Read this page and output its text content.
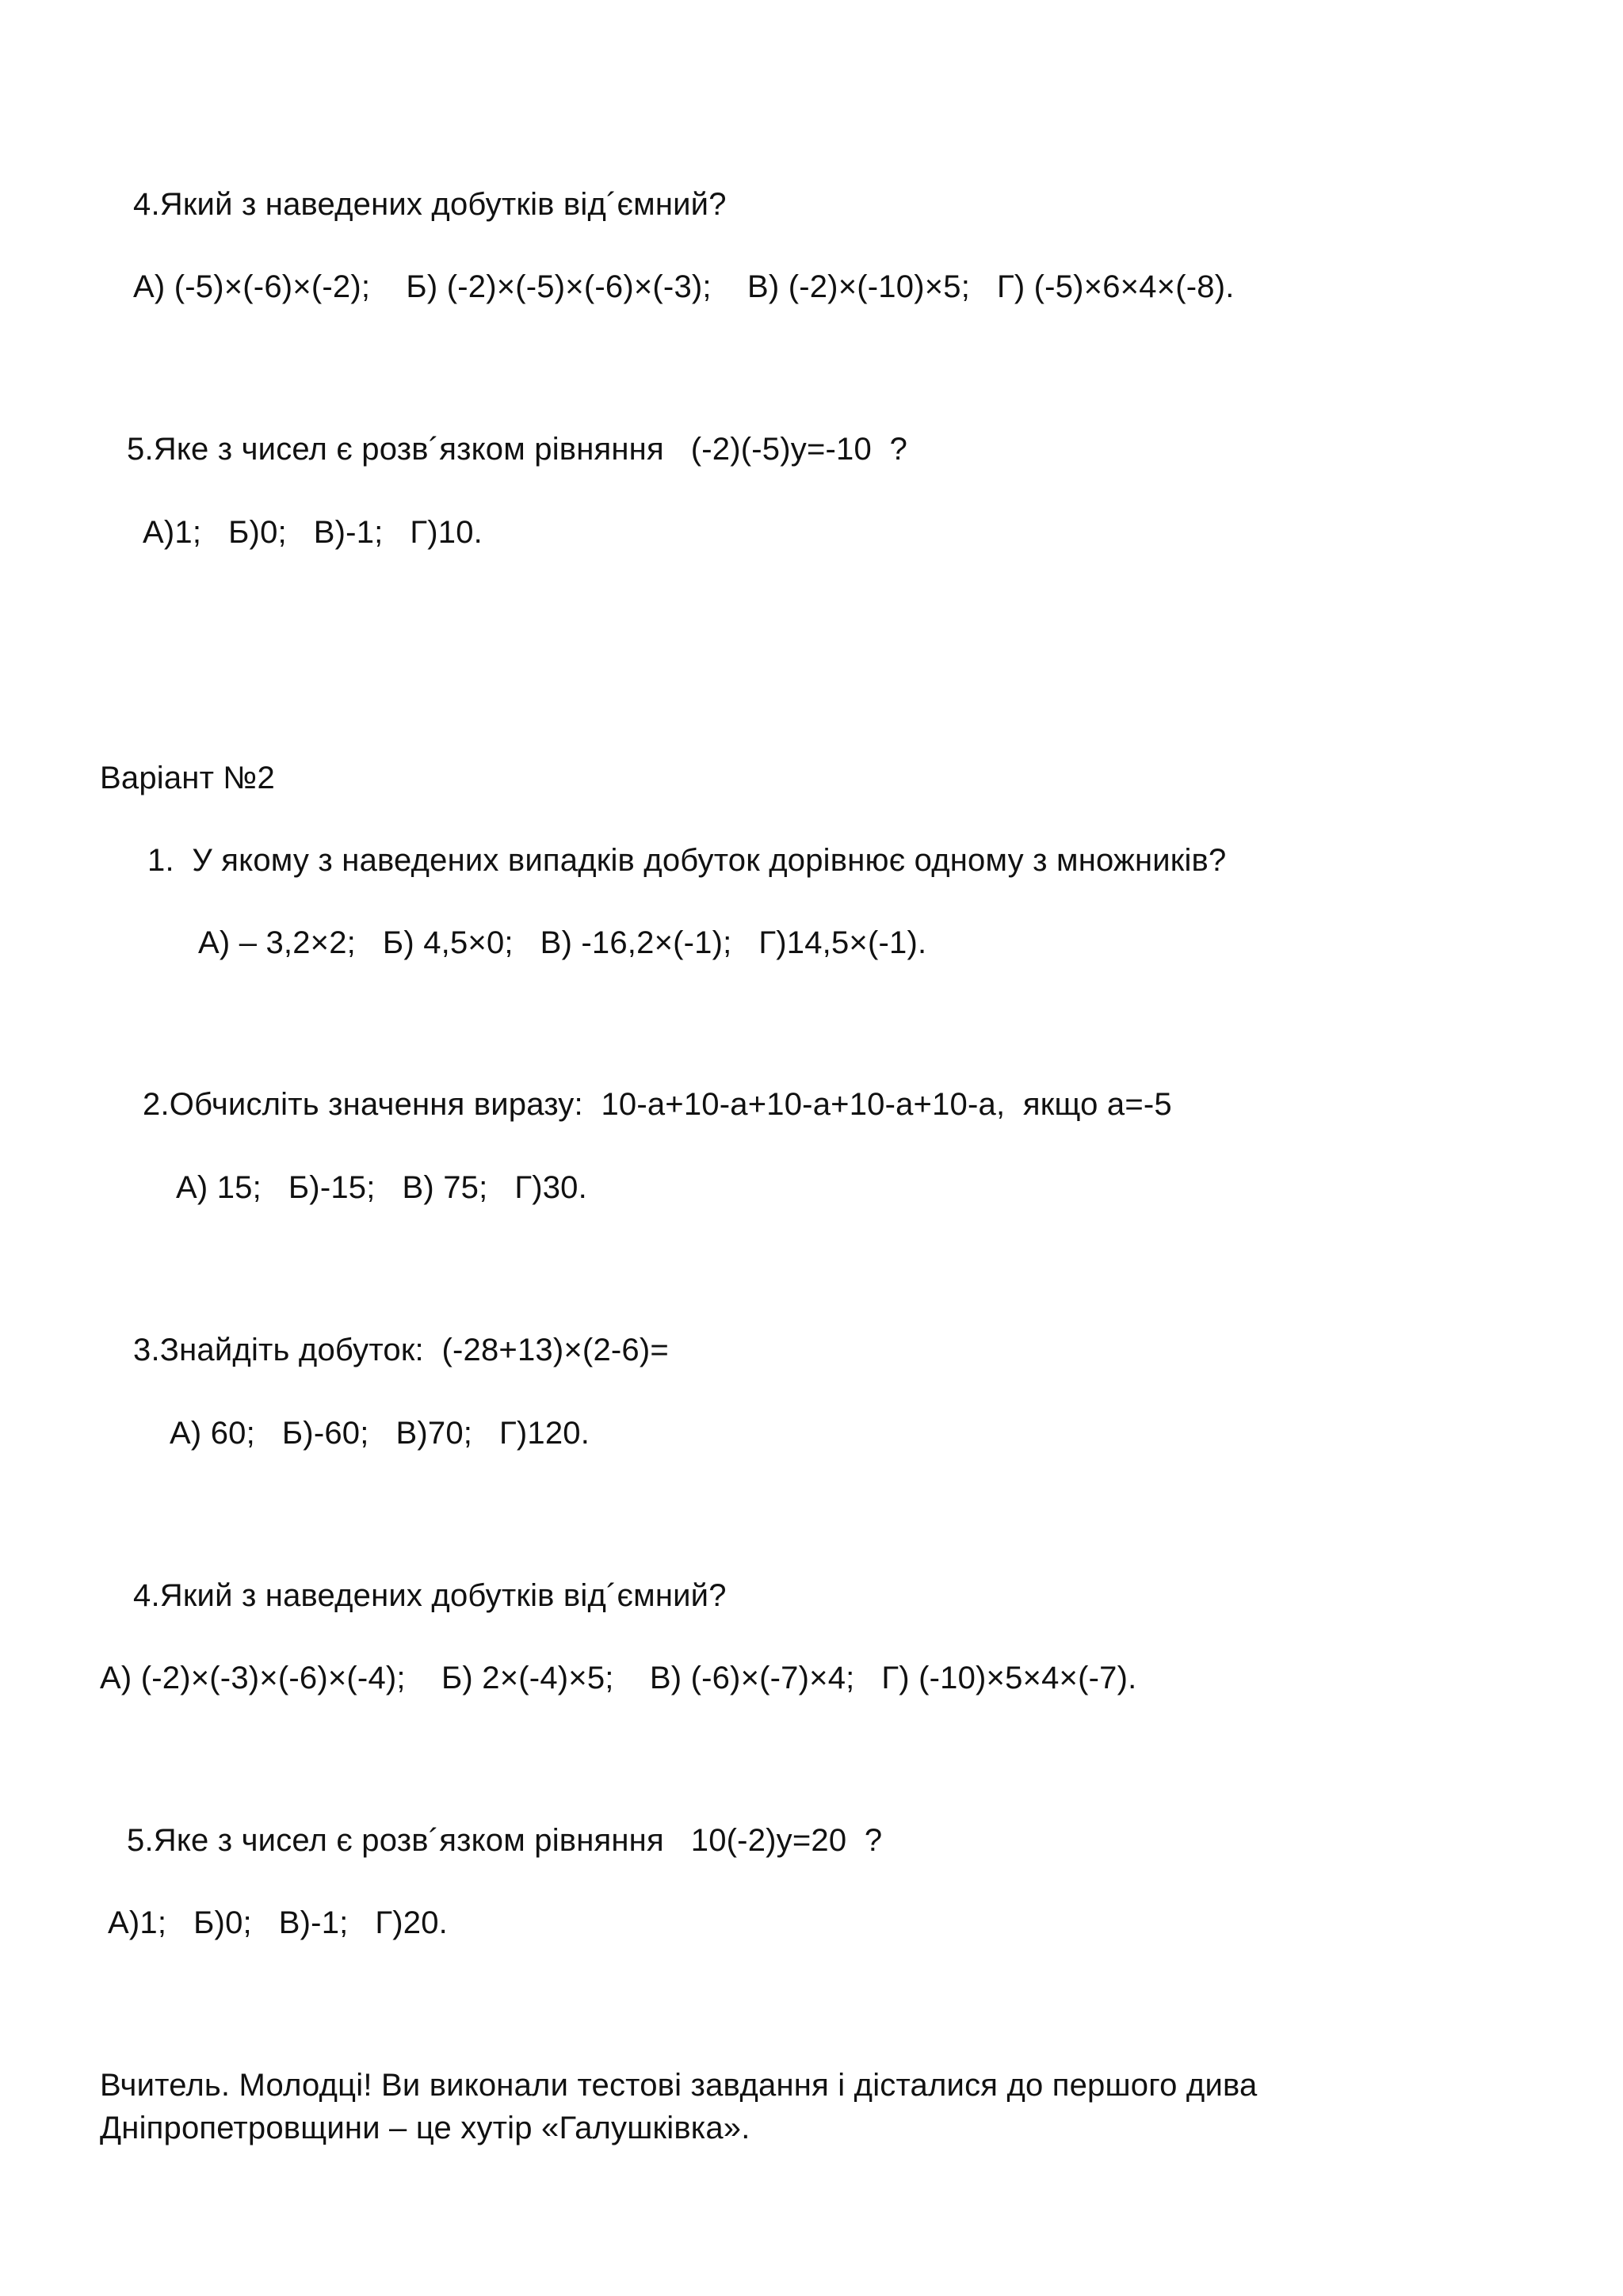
4.Який з наведених добутків від´ємний?
А) (-5)×(-6)×(-2);    Б) (-2)×(-5)×(-6)×(-3);    В) (-2)×(-10)×5;   Г) (-5)×6×4×(-8).
5.Яке з чисел є розв´язком рівняння   (-2)(-5)у=-10  ?
А)1;   Б)0;   В)-1;   Г)10.
Варіант №2
1.  У якому з наведених випадків добуток дорівнює одному з множників?
А) – 3,2×2;   Б) 4,5×0;   В) -16,2×(-1);   Г)14,5×(-1).
2.Обчисліть значення виразу:  10-а+10-а+10-а+10-а+10-а,  якщо а=-5
А) 15;   Б)-15;   В) 75;   Г)30.
3.Знайдіть добуток:  (-28+13)×(2-6)=
А) 60;   Б)-60;   В)70;   Г)120.
4.Який з наведених добутків від´ємний?
А) (-2)×(-3)×(-6)×(-4);    Б) 2×(-4)×5;    В) (-6)×(-7)×4;   Г) (-10)×5×4×(-7).
5.Яке з чисел є розв´язком рівняння   10(-2)у=20  ?
А)1;   Б)0;   В)-1;   Г)20.
Вчитель. Молодці! Ви виконали тестові завдання і дісталися до першого дива
Дніпропетровщини – це хутір «Галушківка».
